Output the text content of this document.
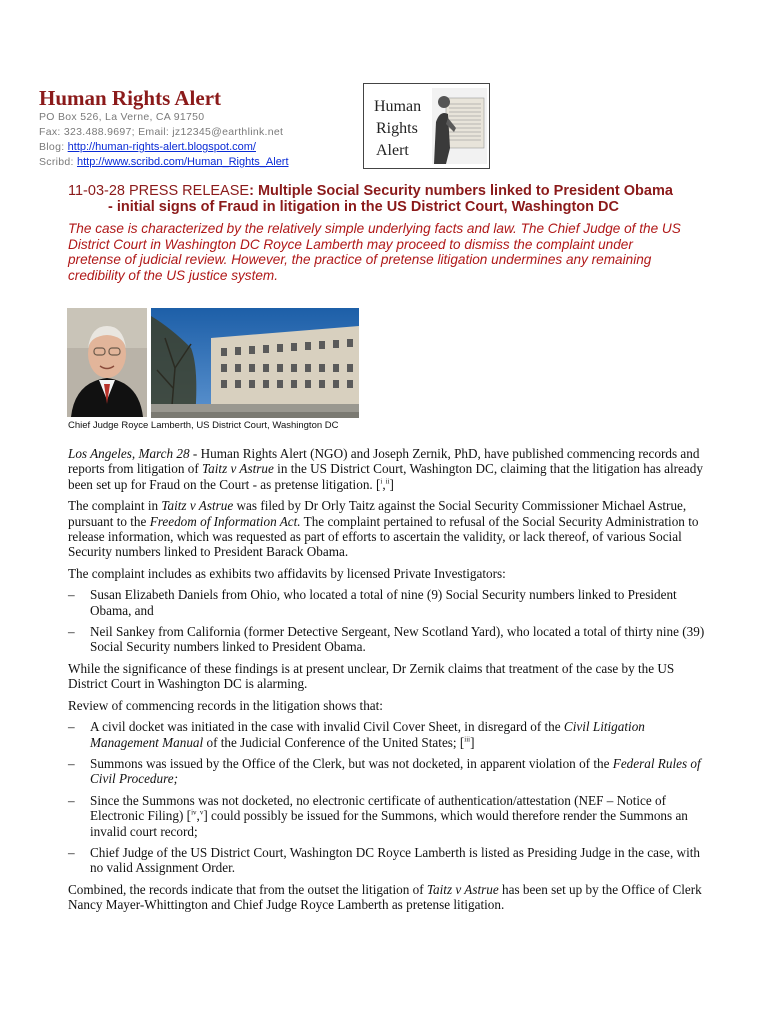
Human Rights Alert
PO Box 526, La Verne, CA 91750
Fax: 323.488.9697; Email: jz12345@earthlink.net
Blog: http://human-rights-alert.blogspot.com/
Scribd: http://www.scribd.com/Human_Rights_Alert
Human
Rights
Alert
11-03-28 PRESS RELEASE: Multiple Social Security numbers linked to President Obama
- initial signs of Fraud in litigation in the US District Court, Washington DC
The case is characterized by the relatively simple underlying facts and law. The Chief Judge of the US District Court in Washington DC Royce Lamberth may proceed to dismiss the complaint under pretense of judicial review. However, the practice of pretense litigation undermines any remaining credibility of the US justice system.
Chief Judge Royce Lamberth, US District Court, Washington DC

Los Angeles, March 28 - Human Rights Alert (NGO) and Joseph Zernik, PhD, have published commencing records and reports from litigation of Taitz v Astrue in the US District Court, Washington DC, claiming that the litigation has already been set up for Fraud on the Court - as pretense litigation. [$^i$,$^{ii}$]

The complaint in Taitz v Astrue was filed by Dr Orly Taitz against the Social Security Commissioner Michael Astrue, pursuant to the Freedom of Information Act. The complaint pertained to refusal of the Social Security Administration to release information, which was requested as part of efforts to ascertain the validity, or lack thereof, of various Social Security numbers linked to President Barack Obama.

The complaint includes as exhibits two affidavits by licensed Private Investigators:

– Susan Elizabeth Daniels from Ohio, who located a total of nine (9) Social Security numbers linked to President Obama, and
– Neil Sankey from California (former Detective Sergeant, New Scotland Yard), who located a total of thirty nine (39) Social Security numbers linked to President Obama.

While the significance of these findings is at present unclear, Dr Zernik claims that treatment of the case by the US District Court in Washington DC is alarming.

Review of commencing records in the litigation shows that:

– A civil docket was initiated in the case with invalid Civil Cover Sheet, in disregard of the Civil Litigation Management Manual of the Judicial Conference of the United States; [$^{iii}$]
– Summons was issued by the Office of the Clerk, but was not docketed, in apparent violation of the Federal Rules of Civil Procedure;
– Since the Summons was not docketed, no electronic certificate of authentication/attestation (NEF – Notice of Electronic Filing) [$^{iv}$,$^v$] could possibly be issued for the Summons, which would therefore render the Summons an invalid court record;
– Chief Judge of the US District Court, Washington DC Royce Lamberth is listed as Presiding Judge in the case, with no valid Assignment Order.

Combined, the records indicate that from the outset the litigation of Taitz v Astrue has been set up by the Office of Clerk Nancy Mayer-Whittington and Chief Judge Royce Lamberth as pretense litigation.
